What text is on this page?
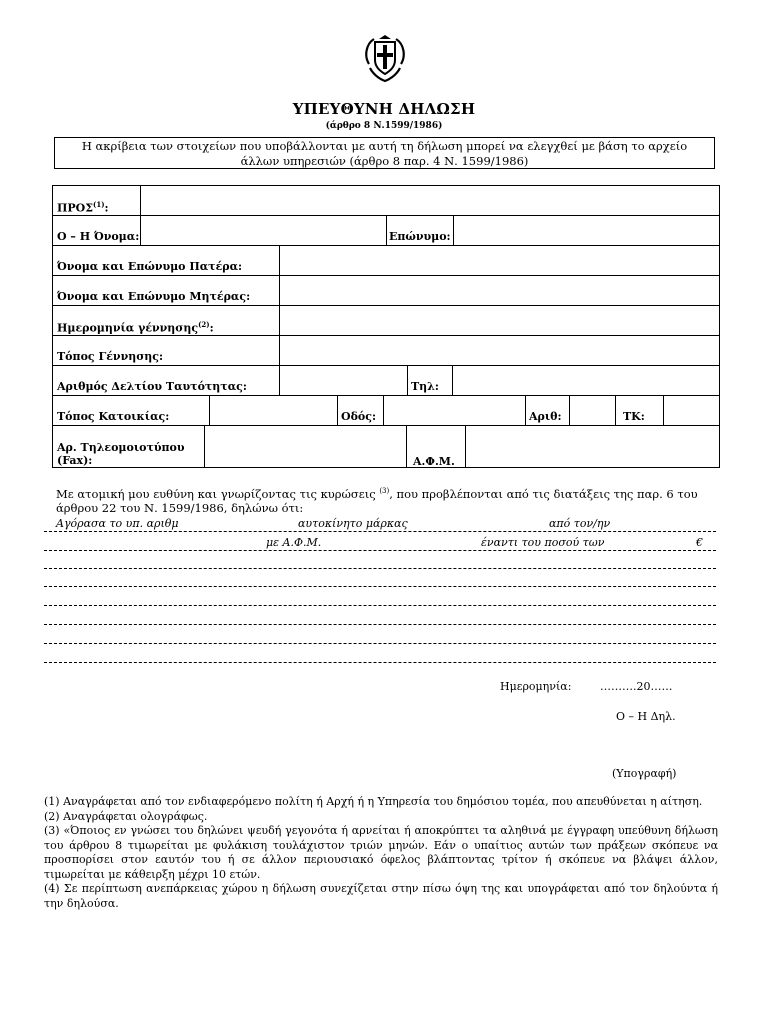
ΥΠΕΥΘΥΝΗ ΔΗΛΩΣΗ
(άρθρο 8 Ν.1599/1986)
Η ακρίβεια των στοιχείων που υποβάλλονται με αυτή τη δήλωση μπορεί να ελεγχθεί με βάση το αρχείο
άλλων υπηρεσιών (άρθρο 8 παρ. 4 Ν. 1599/1986)
ΠΡΟΣ$^{(1)}$:
Ο – Η Όνομα:	Επώνυμο:
Όνομα και Επώνυμο Πατέρα:
Όνομα και Επώνυμο Μητέρας:
Ημερομηνία γέννησης$^{(2)}$:
Τόπος Γέννησης:
Αριθμός Δελτίου Ταυτότητας:	Τηλ:
Τόπος Κατοικίας:	Οδός:	Αριθ:	ΤΚ:
Αρ. Τηλεομοιοτύπου
(Fax):	Α.Φ.Μ.
Με ατομική μου ευθύνη και γνωρίζοντας τις κυρώσεις $^{(3)}$, που προβλέπονται από τις διατάξεις της παρ. 6 του
άρθρου 22 του Ν. 1599/1986, δηλώνω ότι:
Αγόρασα το υπ. αριθμ	αυτοκίνητο μάρκας	από τον/ην
με Α.Φ.Μ.	έναντι του ποσού των	€
Ημερομηνία:	……….20……
Ο – Η Δηλ.
(Υπογραφή)

(1) Αναγράφεται από τον ενδιαφερόμενο πολίτη ή Αρχή ή η Υπηρεσία του δημόσιου τομέα, που απευθύνεται η αίτηση.

(2) Αναγράφεται ολογράφως.

(3) «Όποιος εν γνώσει του δηλώνει ψευδή γεγονότα ή αρνείται ή αποκρύπτει τα αληθινά με έγγραφη υπεύθυνη δήλωση του άρθρου 8 τιμωρείται με φυλάκιση τουλάχιστον τριών μηνών. Εάν ο υπαίτιος αυτών των πράξεων σκόπευε να προσπορίσει στον εαυτόν του ή σε άλλον περιουσιακό όφελος βλάπτοντας τρίτον ή σκόπευε να βλάψει άλλον, τιμωρείται με κάθειρξη μέχρι 10 ετών.

(4) Σε περίπτωση ανεπάρκειας χώρου η δήλωση συνεχίζεται στην πίσω όψη της και υπογράφεται από τον δηλούντα ή την δηλούσα.
